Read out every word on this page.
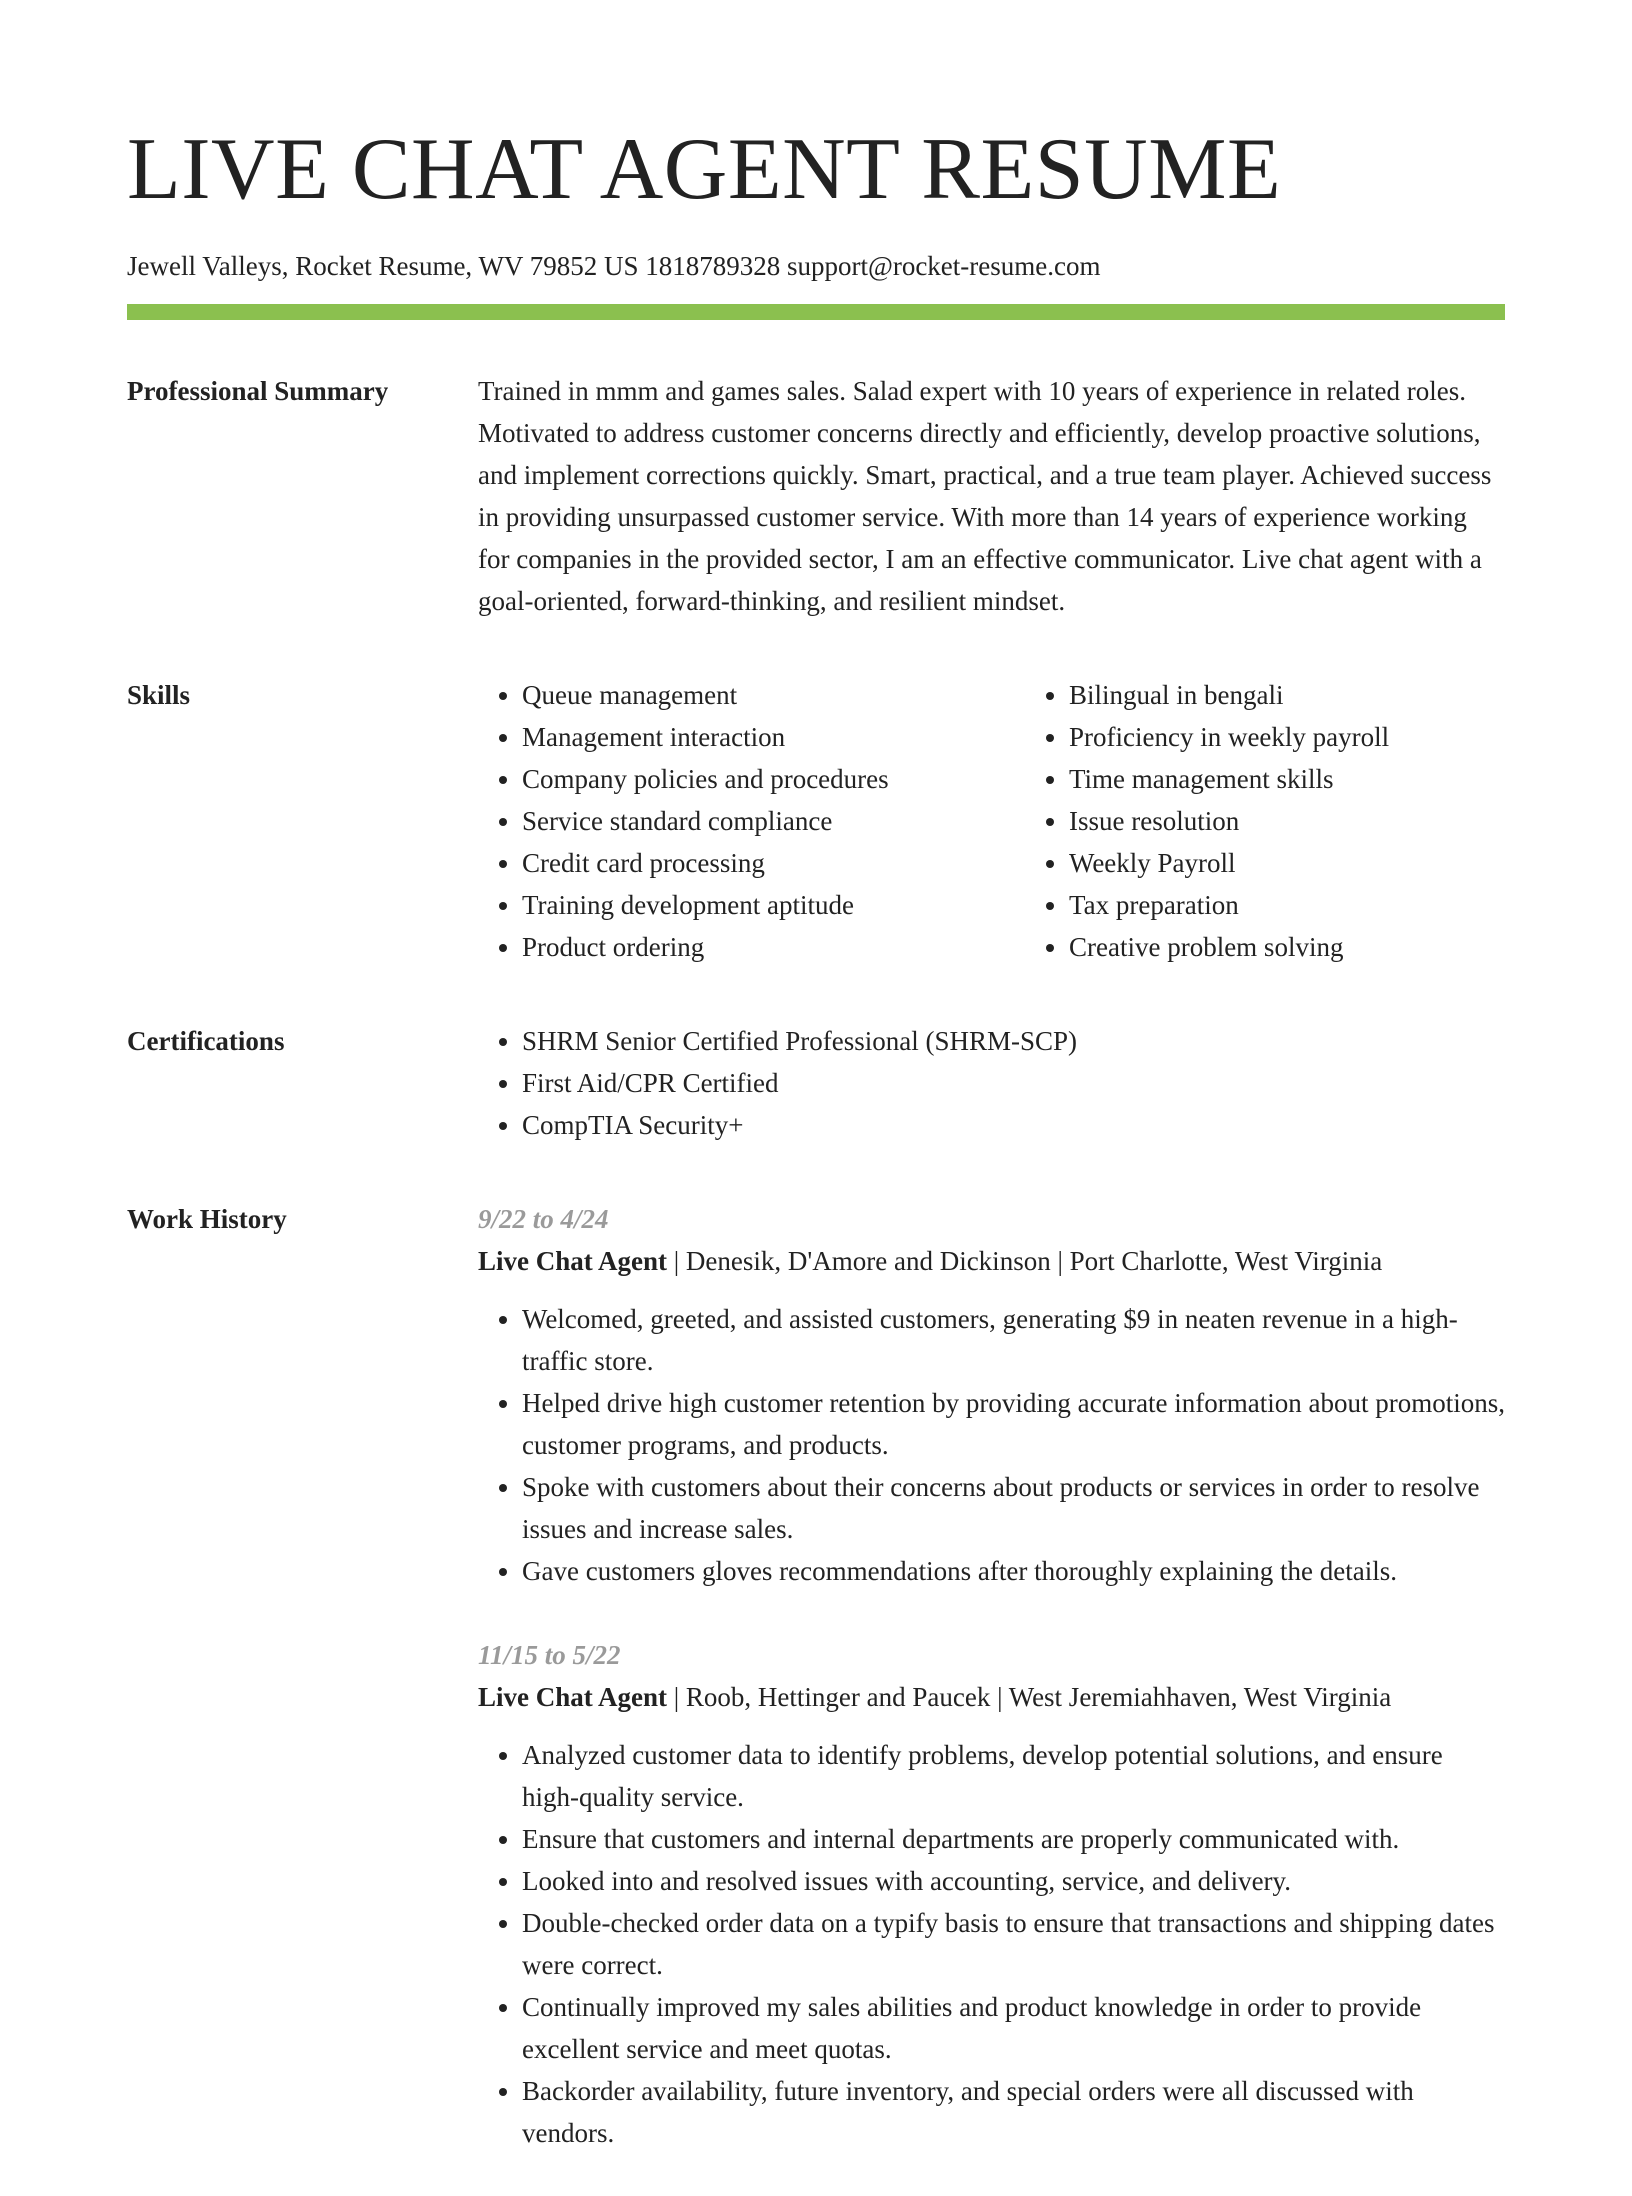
LIVE CHAT AGENT RESUME
Jewell Valleys, Rocket Resume, WV 79852 US 1818789328 support@rocket-resume.com
Professional Summary	Trained in mmm and games sales. Salad expert with 10 years of experience in related roles. Motivated to address customer concerns directly and efficiently, develop proactive solutions, and implement corrections quickly. Smart, practical, and a true team player. Achieved success in providing unsurpassed customer service. With more than 14 years of experience working for companies in the provided sector, I am an effective communicator. Live chat agent with a goal-oriented, forward-thinking, and resilient mindset.

Skills	• Queue management
• Management interaction
• Company policies and procedures
• Service standard compliance
• Credit card processing
• Training development aptitude
• Product ordering
• Bilingual in bengali
• Proficiency in weekly payroll
• Time management skills
• Issue resolution
• Weekly Payroll
• Tax preparation
• Creative problem solving
Certifications	• SHRM Senior Certified Professional (SHRM-SCP)
• First Aid/CPR Certified
• CompTIA Security+
Work History	9/22 to 4/24
Live Chat Agent | Denesik, D'Amore and Dickinson | Port Charlotte, West Virginia
• Welcomed, greeted, and assisted customers, generating $9 in neaten revenue in a high-traffic store.
• Helped drive high customer retention by providing accurate information about promotions, customer programs, and products.
• Spoke with customers about their concerns about products or services in order to resolve issues and increase sales.
• Gave customers gloves recommendations after thoroughly explaining the details.
11/15 to 5/22
Live Chat Agent | Roob, Hettinger and Paucek | West Jeremiahhaven, West Virginia
• Analyzed customer data to identify problems, develop potential solutions, and ensure high-quality service.
• Ensure that customers and internal departments are properly communicated with.
• Looked into and resolved issues with accounting, service, and delivery.
• Double-checked order data on a typify basis to ensure that transactions and shipping dates were correct.
• Continually improved my sales abilities and product knowledge in order to provide excellent service and meet quotas.
• Backorder availability, future inventory, and special orders were all discussed with vendors.
